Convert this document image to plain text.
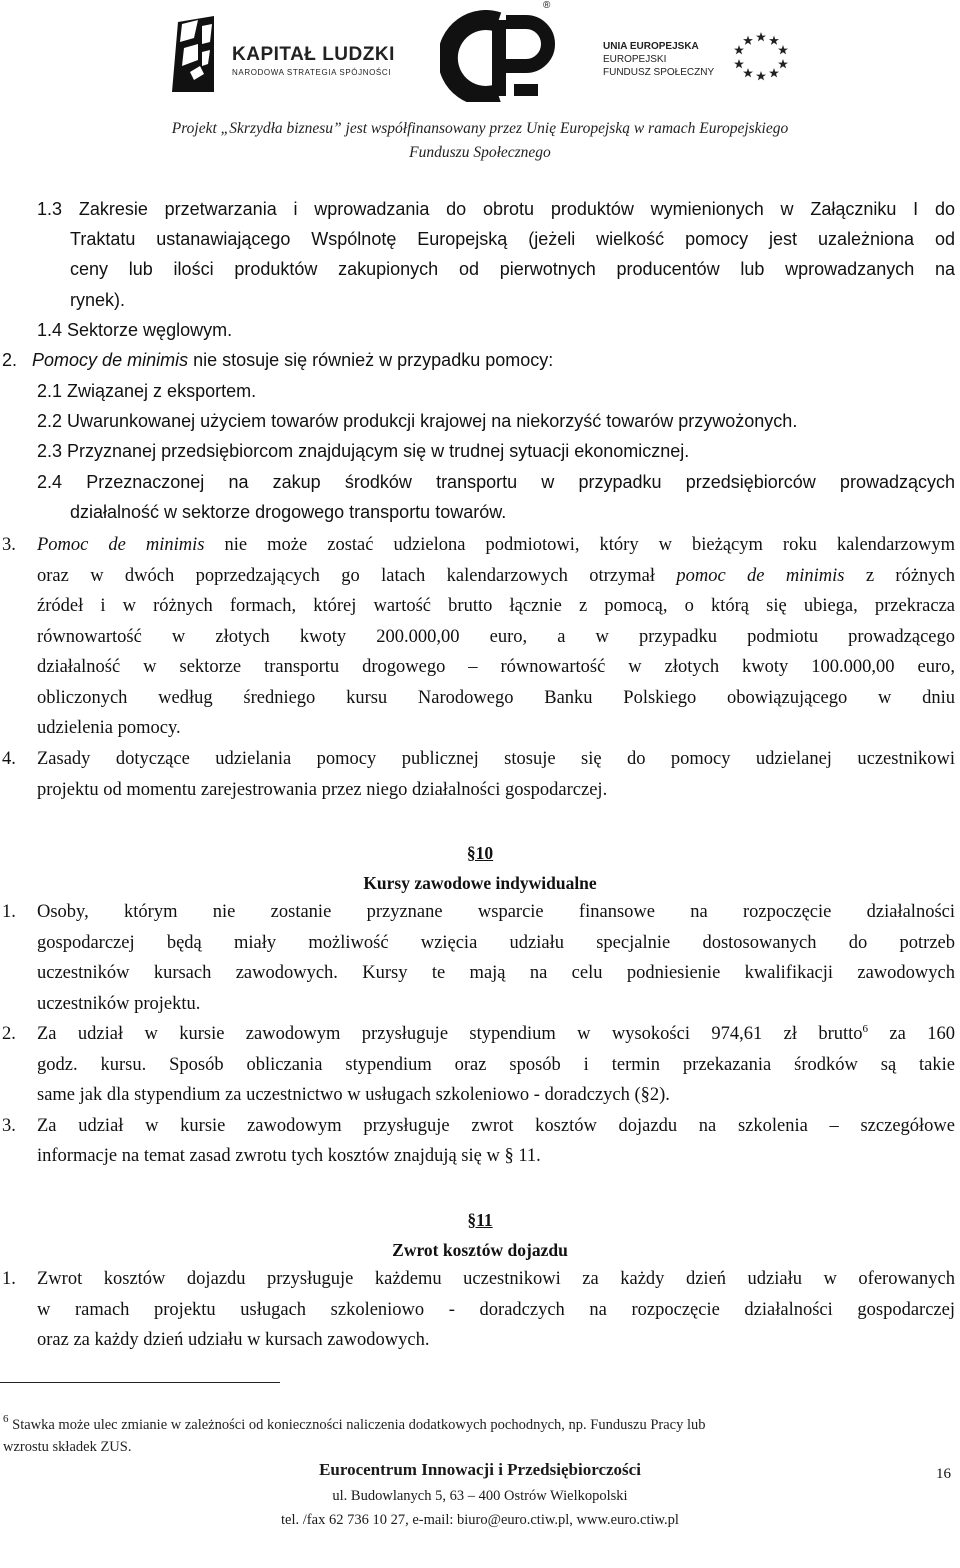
KAPITAŁ LUDZKI
NARODOWA STRATEGIA SPÓJNOŚCI
®
UNIA EUROPEJSKA
EUROPEJSKI
FUNDUSZ SPOŁECZNY
Projekt „Skrzydła biznesu” jest współfinansowany przez Unię Europejską w ramach Europejskiego
Funduszu Społecznego
1.3 Zakresie przetwarzania i wprowadzania do obrotu produktów wymienionych w Załączniku I do
Traktatu ustanawiającego Wspólnotę Europejską (jeżeli wielkość pomocy jest uzależniona od
ceny lub ilości produktów zakupionych od pierwotnych producentów lub wprowadzanych na
rynek).
1.4 Sektorze węglowym.
2. Pomocy de minimis nie stosuje się również w przypadku pomocy:
2.1 Związanej z eksportem.
2.2 Uwarunkowanej użyciem towarów produkcji krajowej na niekorzyść towarów przywożonych.
2.3 Przyznanej przedsiębiorcom znajdującym się w trudnej sytuacji ekonomicznej.
2.4 Przeznaczonej na zakup środków transportu w przypadku przedsiębiorców prowadzących
działalność w sektorze drogowego transportu towarów.
3. Pomoc de minimis nie może zostać udzielona podmiotowi, który w bieżącym roku kalendarzowym
oraz w dwóch poprzedzających go latach kalendarzowych otrzymał pomoc de minimis z różnych
źródeł i w różnych formach, której wartość brutto łącznie z pomocą, o którą się ubiega, przekracza
równowartość w złotych kwoty 200.000,00 euro, a w przypadku podmiotu prowadzącego
działalność w sektorze transportu drogowego – równowartość w złotych kwoty 100.000,00 euro,
obliczonych według średniego kursu Narodowego Banku Polskiego obowiązującego w dniu
udzielenia pomocy.
4. Zasady dotyczące udzielania pomocy publicznej stosuje się do pomocy udzielanej uczestnikowi
projektu od momentu zarejestrowania przez niego działalności gospodarczej.
§10
Kursy zawodowe indywidualne
1. Osoby, którym nie zostanie przyznane wsparcie finansowe na rozpoczęcie działalności
gospodarczej będą miały możliwość wzięcia udziału specjalnie dostosowanych do potrzeb
uczestników kursach zawodowych. Kursy te mają na celu podniesienie kwalifikacji zawodowych
uczestników projektu.
2. Za udział w kursie zawodowym przysługuje stypendium w wysokości 974,61 zł brutto$^6$ za 160
godz. kursu. Sposób obliczania stypendium oraz sposób i termin przekazania środków są takie
same jak dla stypendium za uczestnictwo w usługach szkoleniowo - doradczych (§2).
3. Za udział w kursie zawodowym przysługuje zwrot kosztów dojazdu na szkolenia – szczegółowe
informacje na temat zasad zwrotu tych kosztów znajdują się w § 11.
§11
Zwrot kosztów dojazdu
1. Zwrot kosztów dojazdu przysługuje każdemu uczestnikowi za każdy dzień udziału w oferowanych
w ramach projektu usługach szkoleniowo - doradczych na rozpoczęcie działalności gospodarczej
oraz za każdy dzień udziału w kursach zawodowych.
$^6$ Stawka może ulec zmianie w zależności od konieczności naliczenia dodatkowych pochodnych, np. Funduszu Pracy lub
wzrostu składek ZUS.
Eurocentrum Innowacji i Przedsiębiorczości
ul. Budowlanych 5, 63 – 400 Ostrów Wielkopolski
tel. /fax 62 736 10 27, e-mail: biuro@euro.ctiw.pl, www.euro.ctiw.pl
16
